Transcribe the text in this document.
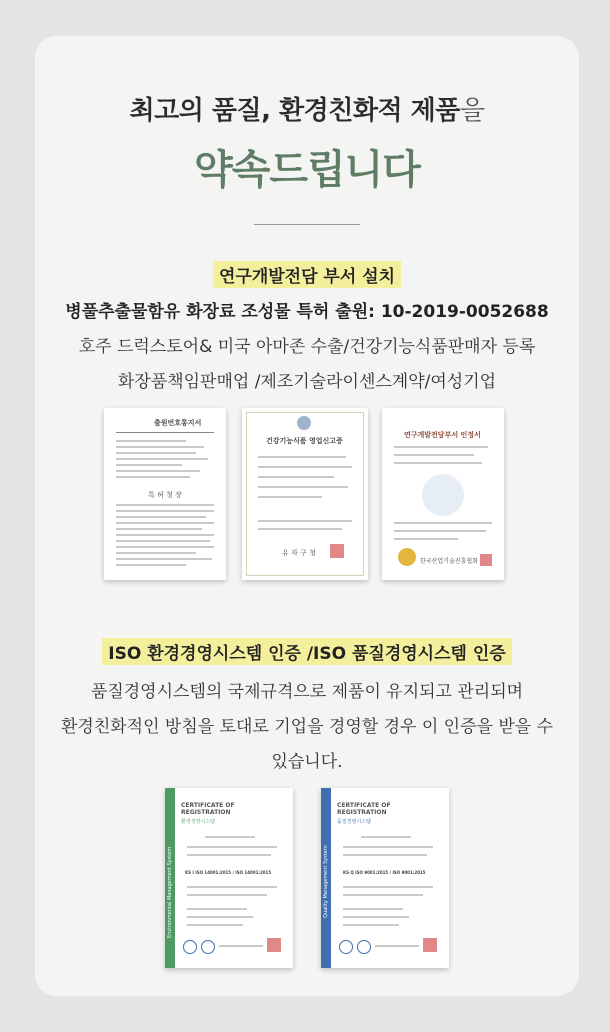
최고의 품질, 환경친화적 제품을
약속드립니다
연구개발전담 부서 설치
병풀추출물함유 화장료 조성물 특허 출원: 10-2019-0052688
호주 드럭스토어& 미국 아마존 수출/건강기능식품판매자 등록
화장품책임판매업 /제조기술라이센스계약/여성기업
출원번호통지서
특 허 청 장
건강기능식품 영업신고증
유 자 구 청
연구개발전담부서 인정서
한국산업기술진흥협회
ISO 환경경영시스템 인증 /ISO 품질경영시스템 인증
품질경영시스템의 국제규격으로 제품이 유지되고 관리되며
환경친화적인 방침을 토대로 기업을 경영할 경우 이 인증을 받을 수
있습니다.
Environmental Management System
CERTIFICATE OF REGISTRATION
환경경영시스템
KS I ISO 14001:2015 / ISO 14001:2015	Quality Management System
CERTIFICATE OF REGISTRATION
품질경영시스템
KS Q ISO 9001:2015 / ISO 9001:2015
